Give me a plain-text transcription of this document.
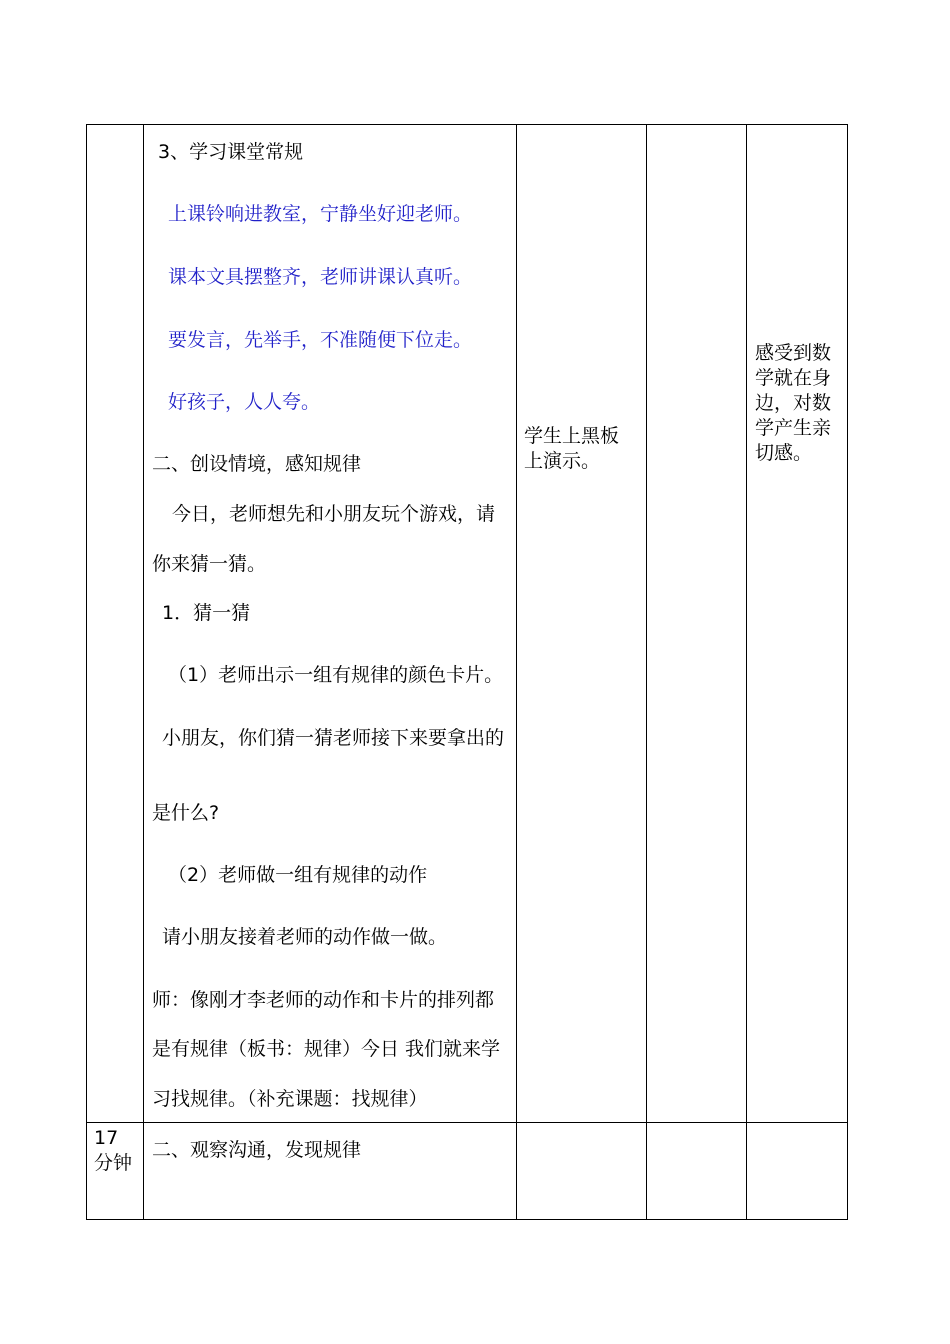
3、学习课堂常规
上课铃响进教室，宁静坐好迎老师。
课本文具摆整齐，老师讲课认真听。
要发言，先举手，不准随便下位走。
好孩子，人人夸。
二、创设情境，感知规律
今日，老师想先和小朋友玩个游戏，请
你来猜一猜。
1．猜一猜
（1）老师出示一组有规律的颜色卡片。
小朋友，你们猜一猜老师接下来要拿出的
是什么?
（2）老师做一组有规律的动作
请小朋友接着老师的动作做一做。
师：像刚才李老师的动作和卡片的排列都
是有规律（板书：规律）今日 我们就来学
习找规律。（补充课题：找规律）
学生上黑板上演示。
感受到数学就在身边，对数学产生亲切感。
17分钟
二、观察沟通，发现规律
